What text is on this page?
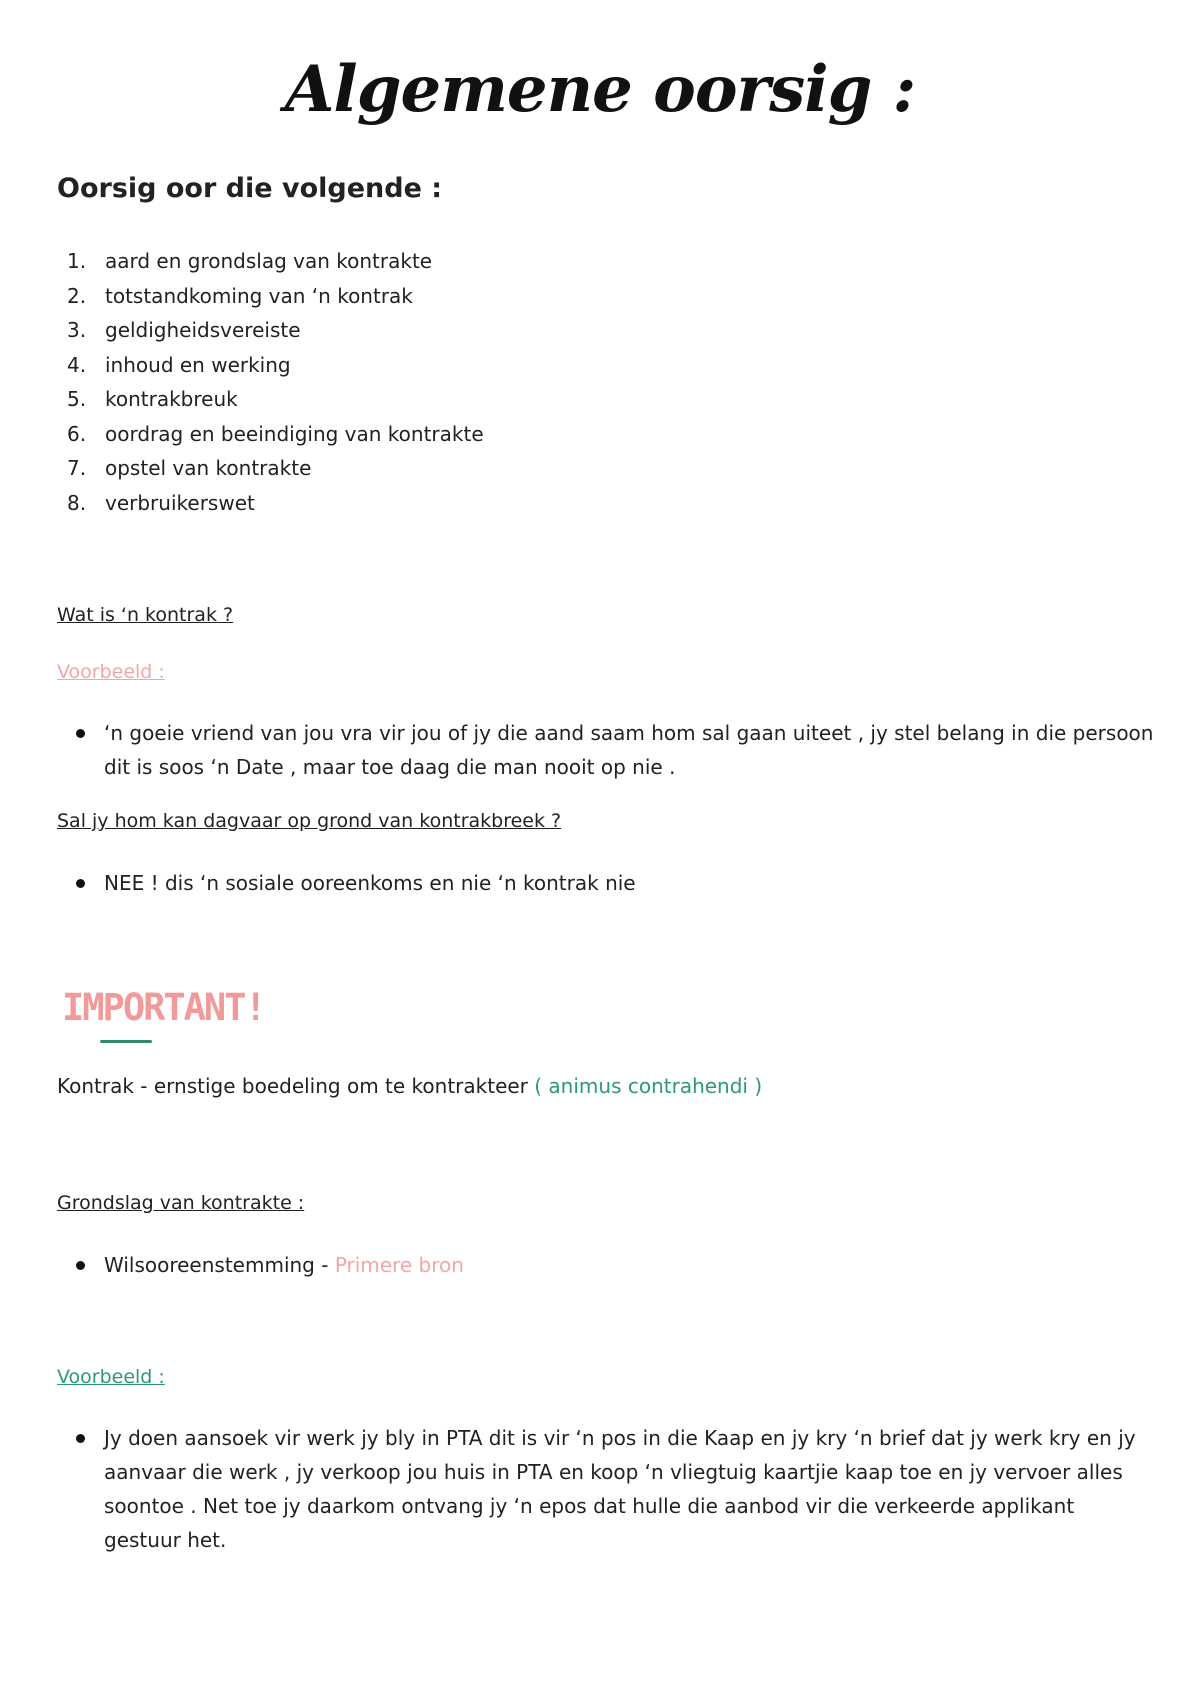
Algemene oorsig :
Oorsig oor die volgende :
1. aard en grondslag van kontrakte
2. totstandkoming van ‘n kontrak
3. geldigheidsvereiste
4. inhoud en werking
5. kontrakbreuk
6. oordrag en beeindiging van kontrakte
7. opstel van kontrakte
8. verbruikerswet

Wat is ‘n kontrak ?

Voorbeeld :

‘n goeie vriend van jou vra vir jou of jy die aand saam hom sal gaan uiteet , jy stel belang in die persoon dit is soos ‘n Date , maar toe daag die man nooit op nie .

Sal jy hom kan dagvaar op grond van kontrakbreek ?

NEE ! dis ‘n sosiale ooreenkoms en nie ‘n kontrak nie

IMPORTANT!

Kontrak - ernstige boedeling om te kontrakteer ( animus contrahendi )

Grondslag van kontrakte :

Wilsooreenstemming - Primere bron

Voorbeeld :

Jy doen aansoek vir werk jy bly in PTA dit is vir ‘n pos in die Kaap en jy kry ‘n brief dat jy werk kry en jy aanvaar die werk , jy verkoop jou huis in PTA en koop ‘n vliegtuig kaartjie kaap toe en jy vervoer alles soontoe . Net toe jy daarkom ontvang jy ‘n epos dat hulle die aanbod vir die verkeerde applikant gestuur het.
